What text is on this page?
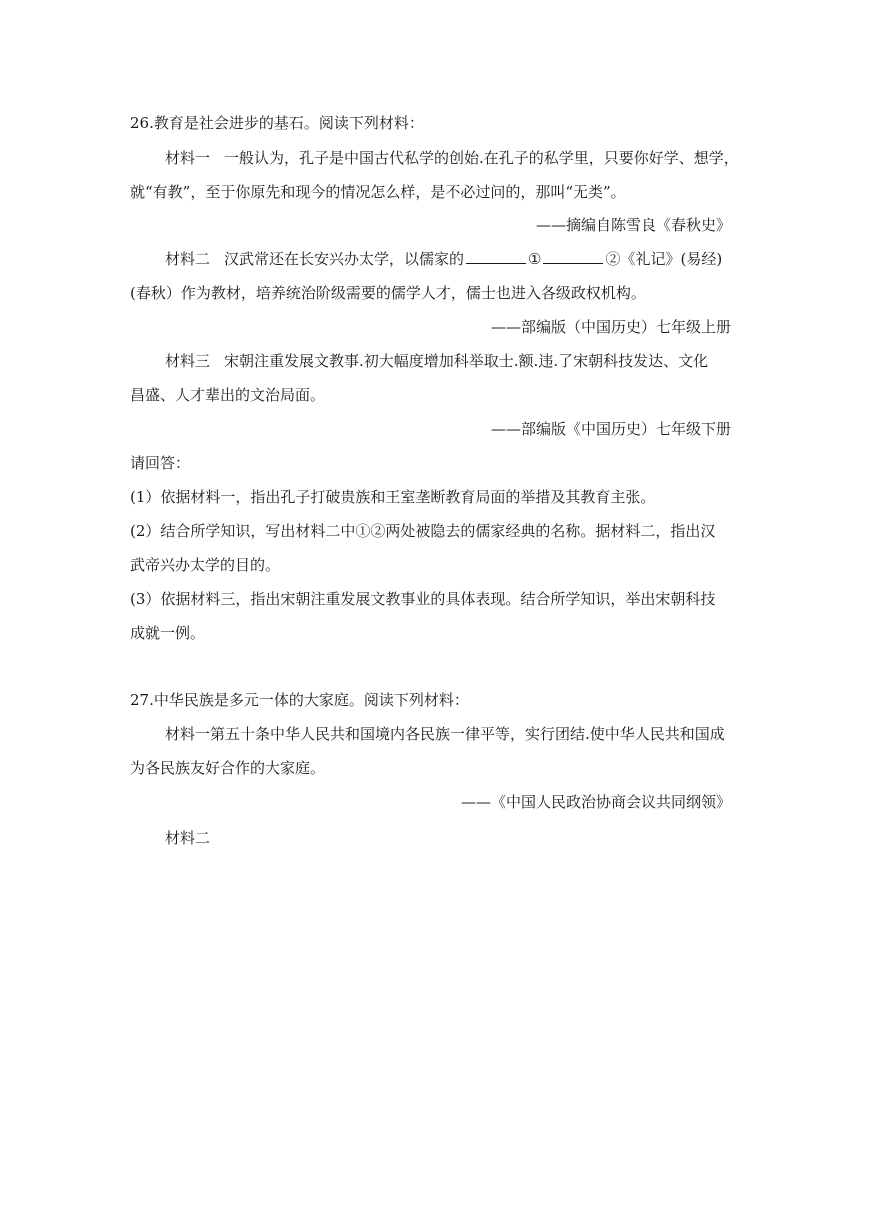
26.教育是社会进步的基石。阅读下列材料：
材料一 一般认为，孔子是中国古代私学的创始.在孔子的私学里，只要你好学、想学，
就“有教”，至于你原先和现今的情况怎么样，是不必过问的，那叫“无类”。
——摘编自陈雪良《春秋史》
材料二 汉武常还在长安兴办太学，以儒家的	①	②《礼记》(易经)
(春秋）作为教材，培养统治阶级需要的儒学人才，儒士也进入各级政权机构。
——部编版（中国历史）七年级上册
材料三 宋朝注重发展文教事.初大幅度增加科举取士.额.违.了宋朝科技发达、文化
昌盛、人才辈出的文治局面。
——部编版《中国历史）七年级下册
请回答：
(1）依据材料一，指出孔子打破贵族和王室垄断教育局面的举措及其教育主张。
(2）结合所学知识，写出材料二中①②两处被隐去的儒家经典的名称。据材料二，指出汉
武帝兴办太学的目的。
(3）依据材料三，指出宋朝注重发展文教事业的具体表现。结合所学知识，举出宋朝科技
成就一例。
27.中华民族是多元一体的大家庭。阅读下列材料：
材料一第五十条中华人民共和国境内各民族一律平等，实行团结.使中华人民共和国成
为各民族友好合作的大家庭。
——《中国人民政治协商会议共同纲领》
材料二
